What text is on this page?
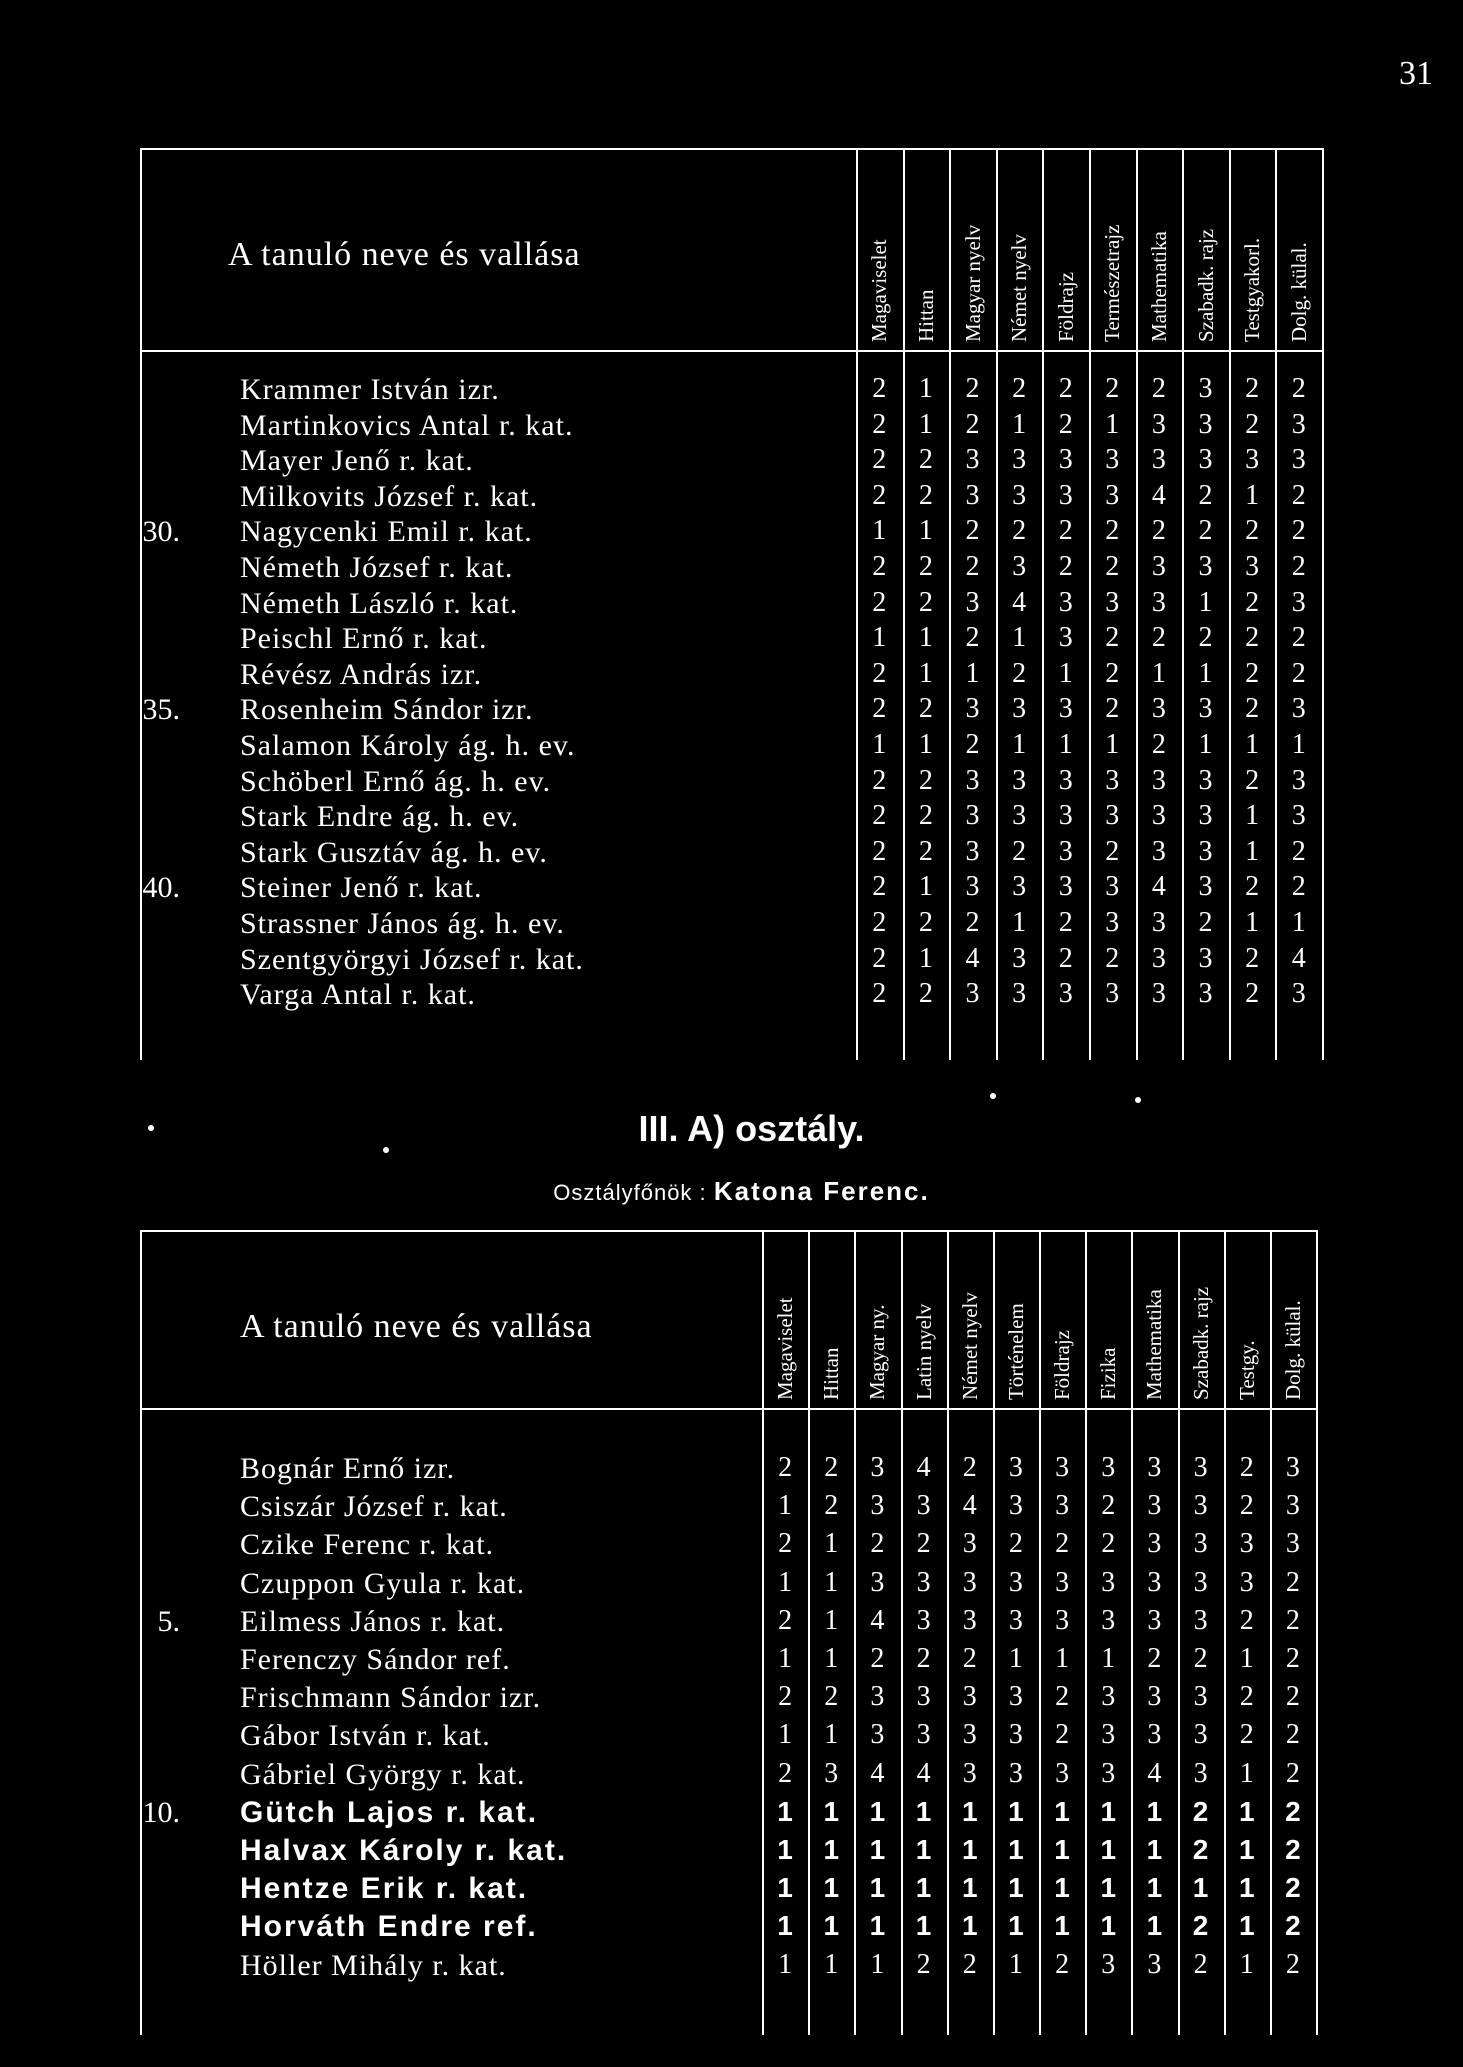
31
III. A) osztály.
Osztályfőnök : Katona Ferenc.
A tanuló neve és vallása	Magaviselet	Hittan	Magyar nyelv	Német nyelv	Földrajz	Természetrajz	Mathematika	Szabadk. rajz	Testgyakorl.	Dolg. külal.
Krammer István izr.	2	1	2	2	2	2	2	3	2	2
Martinkovics Antal r. kat.	2	1	2	1	2	1	3	3	2	3
Mayer Jenő r. kat.	2	2	3	3	3	3	3	3	3	3
Milkovits József r. kat.	2	2	3	3	3	3	4	2	1	2
30. Nagycenki Emil r. kat.	1	1	2	2	2	2	2	2	2	2
Németh József r. kat.	2	2	2	3	2	2	3	3	3	2
Németh László r. kat.	2	2	3	4	3	3	3	1	2	3
Peischl Ernő r. kat.	1	1	2	1	3	2	2	2	2	2
Révész András izr.	2	1	1	2	1	2	1	1	2	2
35. Rosenheim Sándor izr.	2	2	3	3	3	2	3	3	2	3
Salamon Károly ág. h. ev.	1	1	2	1	1	1	2	1	1	1
Schöberl Ernő ág. h. ev.	2	2	3	3	3	3	3	3	2	3
Stark Endre ág. h. ev.	2	2	3	3	3	3	3	3	1	3
Stark Gusztáv ág. h. ev.	2	2	3	2	3	2	3	3	1	2
40. Steiner Jenő r. kat.	2	1	3	3	3	3	4	3	2	2
Strassner János ág. h. ev.	2	2	2	1	2	3	3	2	1	1
Szentgyörgyi József r. kat.	2	1	4	3	2	2	3	3	2	4
Varga Antal r. kat.	2	2	3	3	3	3	3	3	2	3
A tanuló neve és vallása	Magaviselet	Hittan	Magyar ny.	Latin nyelv	Német nyelv	Történelem	Földrajz	Fizika	Mathematika	Szabadk. rajz	Testgy.	Dolg. külal.
Bognár Ernő izr.	2	2	3	4	2	3	3	3	3	3	2	3
Csiszár József r. kat.	1	2	3	3	4	3	3	2	3	3	2	3
Czike Ferenc r. kat.	2	1	2	2	3	2	2	2	3	3	3	3
Czuppon Gyula r. kat.	1	1	3	3	3	3	3	3	3	3	3	2
5. Eilmess János r. kat.	2	1	4	3	3	3	3	3	3	3	2	2
Ferenczy Sándor ref.	1	1	2	2	2	1	1	1	2	2	1	2
Frischmann Sándor izr.	2	2	3	3	3	3	2	3	3	3	2	2
Gábor István r. kat.	1	1	3	3	3	3	2	3	3	3	2	2
Gábriel György r. kat.	2	3	4	4	3	3	3	3	4	3	1	2
10. Gütch Lajos r. kat.	1	1	1	1	1	1	1	1	1	2	1	2
Halvax Károly r. kat.	1	1	1	1	1	1	1	1	1	2	1	2
Hentze Erik r. kat.	1	1	1	1	1	1	1	1	1	1	1	2
Horváth Endre ref.	1	1	1	1	1	1	1	1	1	2	1	2
Höller Mihály r. kat.	1	1	1	2	2	1	2	3	3	2	1	2
